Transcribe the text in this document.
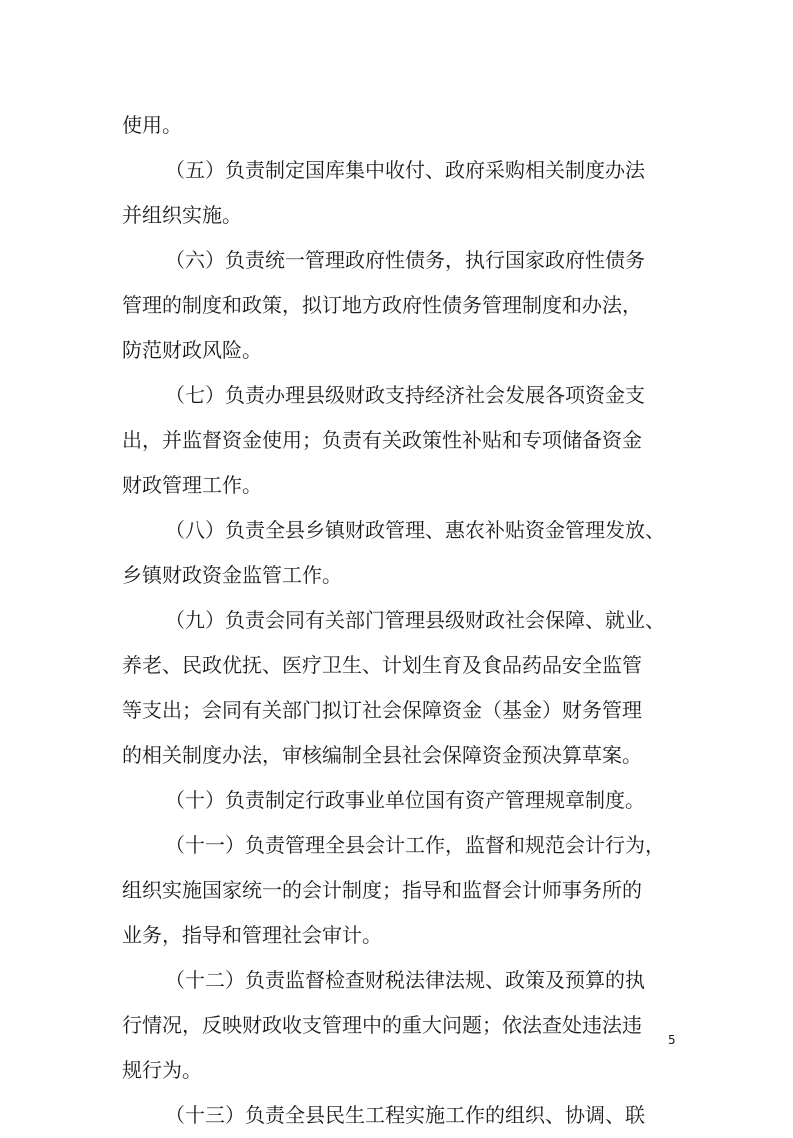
使用。
（五）负责制定国库集中收付、政府采购相关制度办法
并组织实施。
（六）负责统一管理政府性债务，执行国家政府性债务
管理的制度和政策，拟订地方政府性债务管理制度和办法，
防范财政风险。
（七）负责办理县级财政支持经济社会发展各项资金支
出，并监督资金使用；负责有关政策性补贴和专项储备资金
财政管理工作。
（八）负责全县乡镇财政管理、惠农补贴资金管理发放、
乡镇财政资金监管工作。
（九）负责会同有关部门管理县级财政社会保障、就业、
养老、民政优抚、医疗卫生、计划生育及食品药品安全监管
等支出；会同有关部门拟订社会保障资金（基金）财务管理
的相关制度办法，审核编制全县社会保障资金预决算草案。
（十）负责制定行政事业单位国有资产管理规章制度。
（十一）负责管理全县会计工作，监督和规范会计行为，
组织实施国家统一的会计制度；指导和监督会计师事务所的
业务，指导和管理社会审计。
（十二）负责监督检查财税法律法规、政策及预算的执
行情况，反映财政收支管理中的重大问题；依法查处违法违
规行为。
（十三）负责全县民生工程实施工作的组织、协调、联
5
